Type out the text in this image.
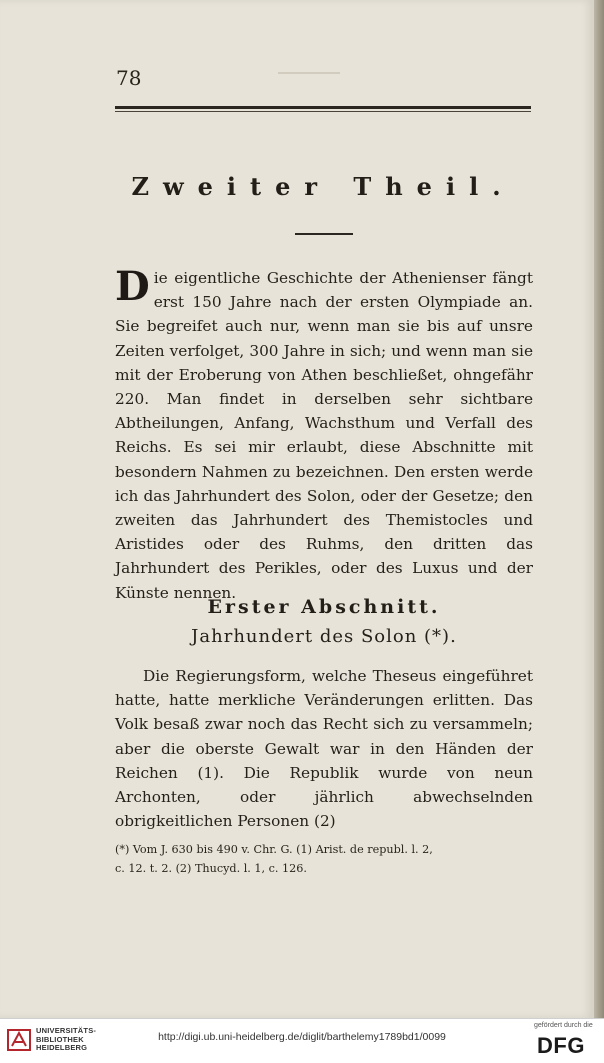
78
Zweiter Theil.

Die eigentliche Geschichte der Athenienser fängt erst 150 Jahre nach der ersten Olympiade an. Sie begreifet auch nur, wenn man sie bis auf unsre Zeiten verfolget, 300 Jahre in sich; und wenn man sie mit der Eroberung von Athen beschließet, ohngefähr 220. Man findet in derselben sehr sichtbare Abtheilungen, Anfang, Wachsthum und Verfall des Reichs. Es sei mir erlaubt, diese Abschnitte mit besondern Nahmen zu bezeichnen. Den ersten werde ich das Jahrhundert des Solon, oder der Gesetze; den zweiten das Jahrhundert des Themistocles und Aristides oder des Ruhms, den dritten das Jahrhundert des Perikles, oder des Luxus und der Künste nennen.

Erster Abschnitt.
Jahrhundert des Solon (*).

Die Regierungsform, welche Theseus eingeführet hatte, hatte merkliche Veränderungen erlitten. Das Volk besaß zwar noch das Recht sich zu versammeln; aber die oberste Gewalt war in den Händen der Reichen (1). Die Republik wurde von neun Archonten, oder jährlich abwechselnden obrigkeitlichen Personen (2)

(*) Vom J. 630 bis 490 v. Chr. G. (1) Arist. de republ. l. 2,

c. 12. t. 2. (2) Thucyd. l. 1, c. 126.

UNIVERSITÄTS-
BIBLIOTHEK
HEIDELBERG
http://digi.ub.uni-heidelberg.de/diglit/barthelemy1789bd1/0099
gefördert durch die
DFG
